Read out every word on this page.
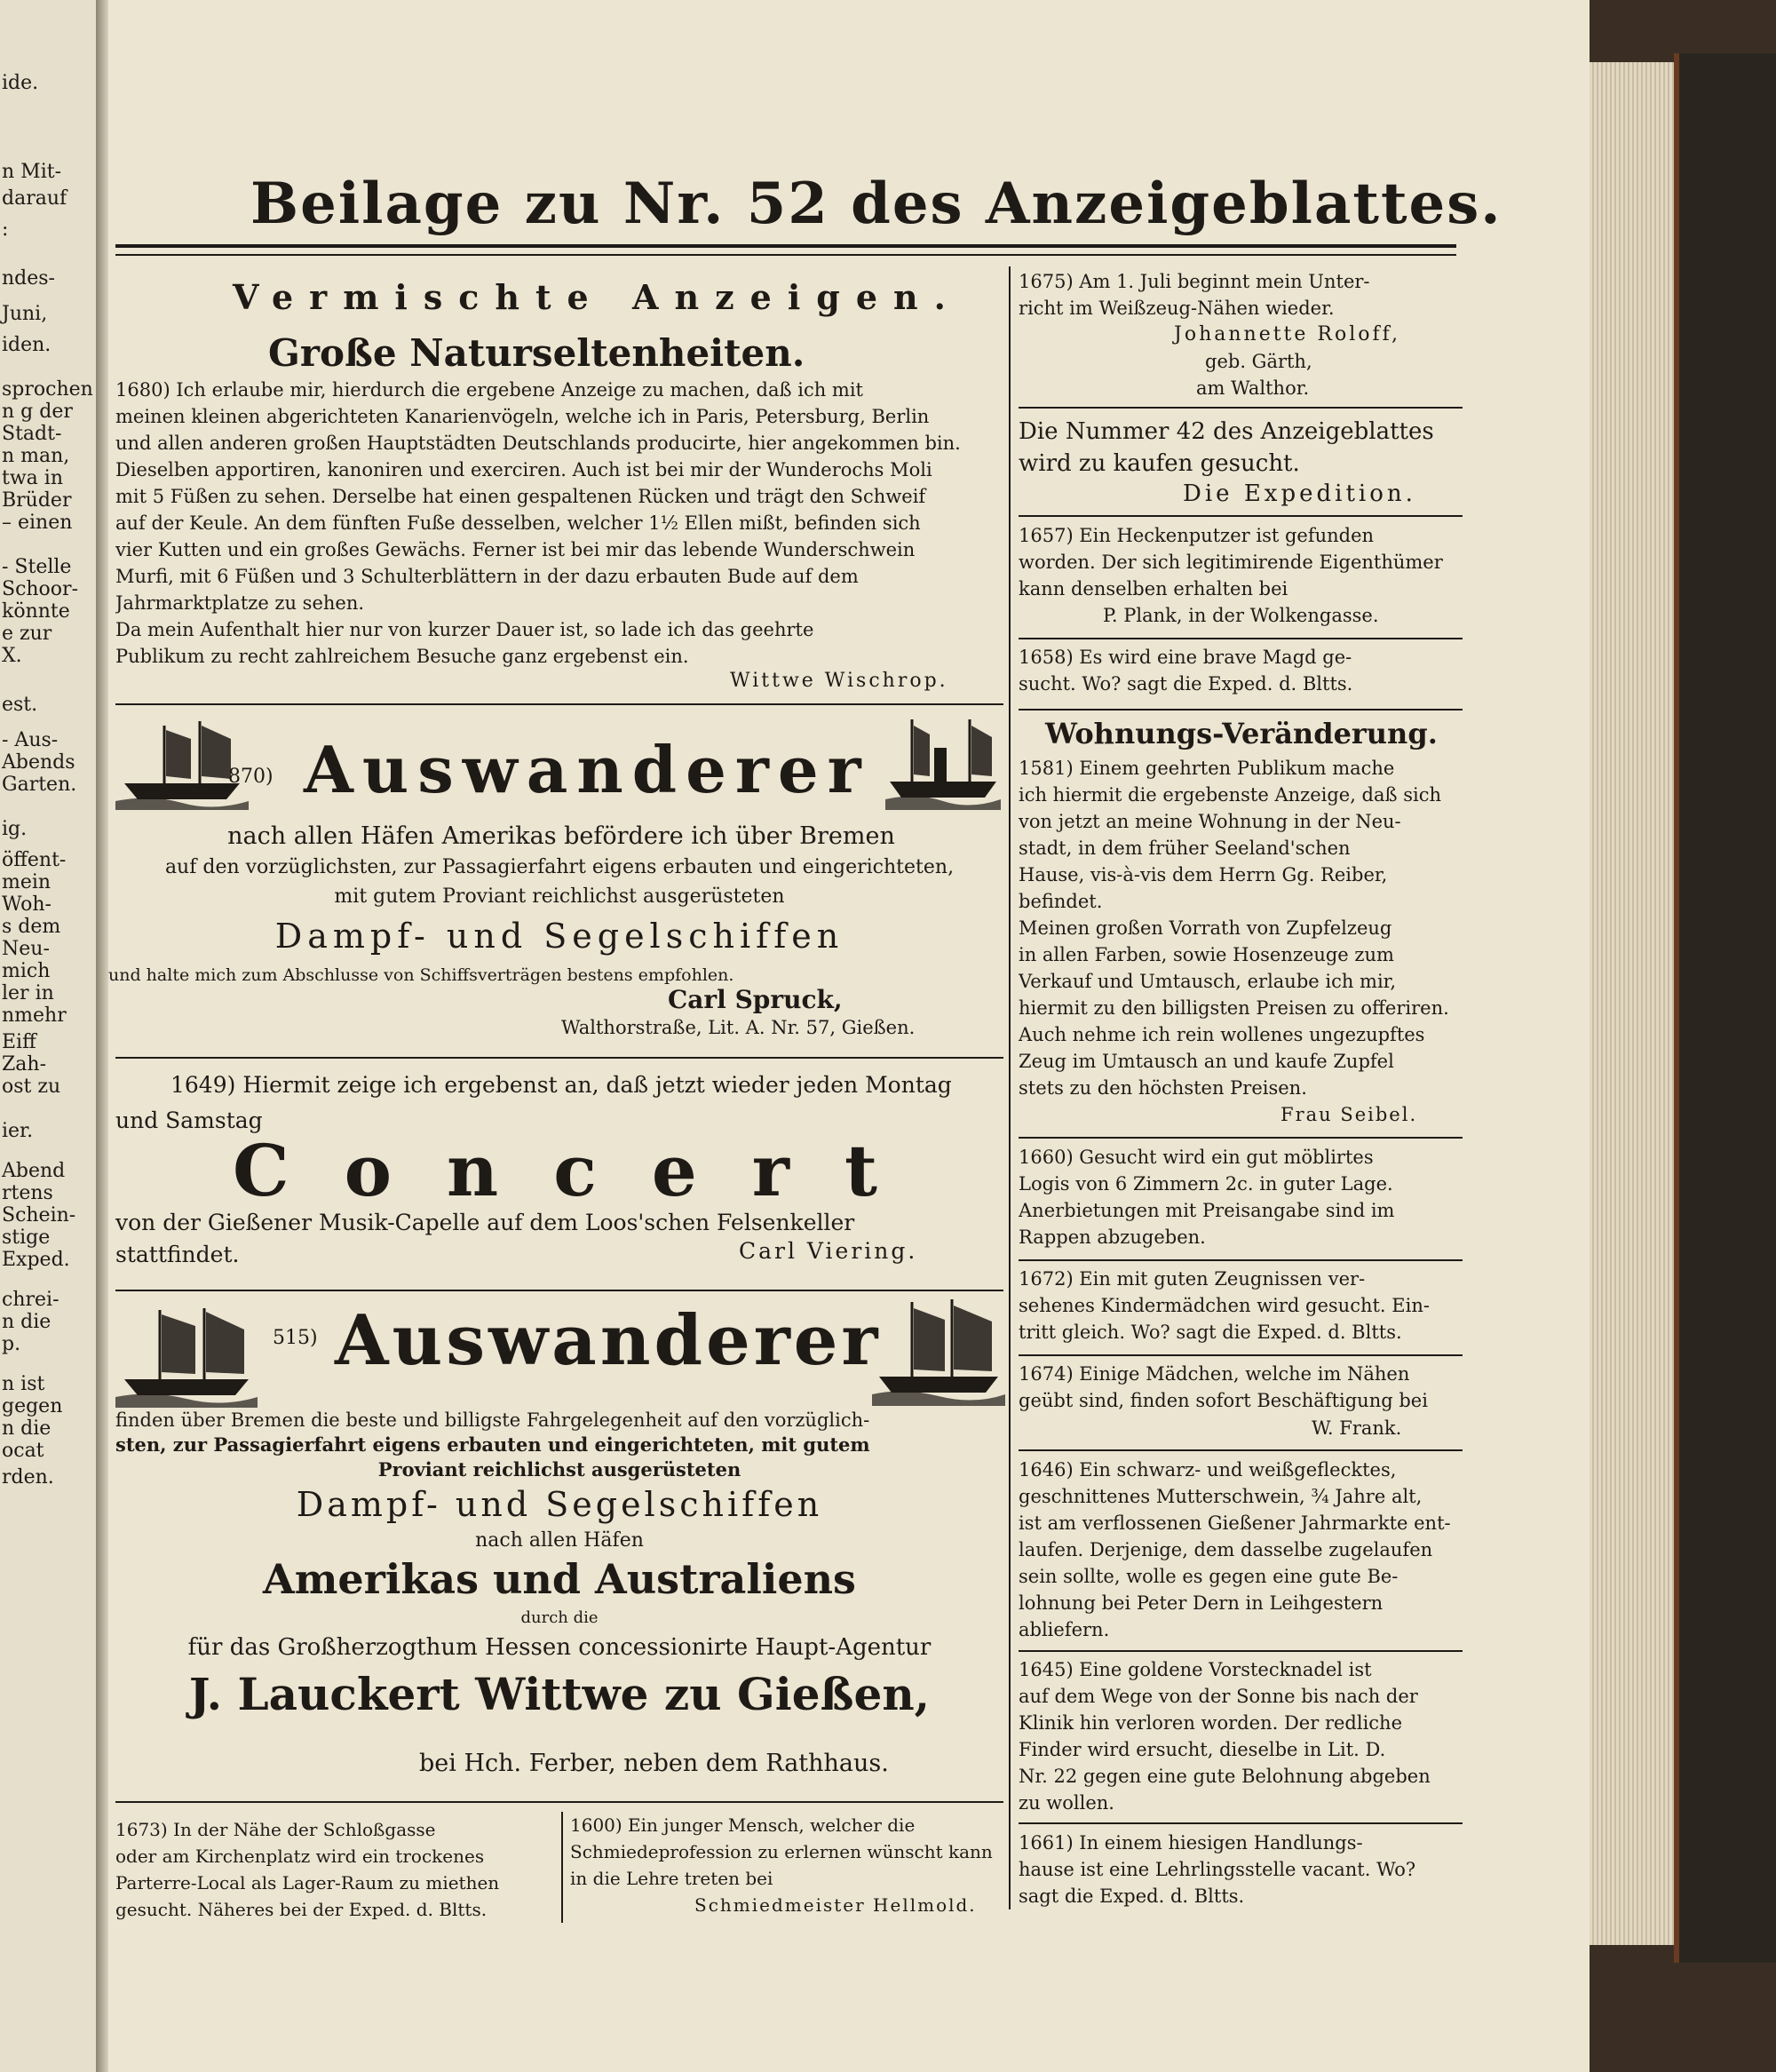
ide.
n Mit-
darauf
:
ndes-
Juni,
iden.
sprochen
n g der
Stadt-
n man,
twa in
Brüder
– einen
- Stelle
Schoor-
könnte
e zur
X.
est.
- Aus-
Abends
Garten.
ig.
öffent-
mein
Woh-
s dem
Neu-
mich
ler in
nmehr
Eiff
Zah-
ost zu
ier.
Abend
rtens
Schein-
stige
Exped.
chrei-
n die
p.
n ist
gegen
n die
ocat
rden.
Beilage zu Nr. 52 des Anzeigeblattes.
Vermischte Anzeigen.
Große Naturseltenheiten.
1680) Ich erlaube mir, hierdurch die ergebene Anzeige zu machen, daß ich mit
meinen kleinen abgerichteten Kanarienvögeln, welche ich in Paris, Petersburg, Berlin
und allen anderen großen Hauptstädten Deutschlands producirte, hier angekommen bin.
Dieselben apportiren, kanoniren und exerciren. Auch ist bei mir der Wunderochs Moli
mit 5 Füßen zu sehen. Derselbe hat einen gespaltenen Rücken und trägt den Schweif
auf der Keule. An dem fünften Fuße desselben, welcher 1½ Ellen mißt, befinden sich
vier Kutten und ein großes Gewächs. Ferner ist bei mir das lebende Wunderschwein
Murfi, mit 6 Füßen und 3 Schulterblättern in der dazu erbauten Bude auf dem
Jahrmarktplatze zu sehen.
Da mein Aufenthalt hier nur von kurzer Dauer ist, so lade ich das geehrte
Publikum zu recht zahlreichem Besuche ganz ergebenst ein.
Wittwe Wischrop.
870) Auswanderer
nach allen Häfen Amerikas befördere ich über Bremen
auf den vorzüglichsten, zur Passagierfahrt eigens erbauten und eingerichteten,
mit gutem Proviant reichlichst ausgerüsteten
Dampf- und Segelschiffen
und halte mich zum Abschlusse von Schiffsverträgen bestens empfohlen.
Carl Spruck,
Walthorstraße, Lit. A. Nr. 57, Gießen.
1649) Hiermit zeige ich ergebenst an, daß jetzt wieder jeden Montag
und Samstag
Concert
von der Gießener Musik-Capelle auf dem Loos'schen Felsenkeller
stattfindet.	Carl Viering.
515) Auswanderer
finden über Bremen die beste und billigste Fahrgelegenheit auf den vorzüglich-
sten, zur Passagierfahrt eigens erbauten und eingerichteten, mit gutem
Proviant reichlichst ausgerüsteten
Dampf- und Segelschiffen
nach allen Häfen
Amerikas und Australiens
durch die
für das Großherzogthum Hessen concessionirte Haupt-Agentur
J. Lauckert Wittwe zu Gießen,
bei Hch. Ferber, neben dem Rathhaus.
1673) In der Nähe der Schloßgasse
oder am Kirchenplatz wird ein trockenes
Parterre-Local als Lager-Raum zu miethen
gesucht. Näheres bei der Exped. d. Bltts.
1600) Ein junger Mensch, welcher die
Schmiedeprofession zu erlernen wünscht kann
in die Lehre treten bei
Schmiedmeister Hellmold.
1675) Am 1. Juli beginnt mein Unter-
richt im Weißzeug-Nähen wieder.
Johannette Roloff,
geb. Gärth,
am Walthor.
Die Nummer 42 des Anzeigeblattes
wird zu kaufen gesucht.
Die Expedition.
1657) Ein Heckenputzer ist gefunden
worden. Der sich legitimirende Eigenthümer
kann denselben erhalten bei
P. Plank, in der Wolkengasse.
1658) Es wird eine brave Magd ge-
sucht. Wo? sagt die Exped. d. Bltts.
Wohnungs-Veränderung.
1581) Einem geehrten Publikum mache
ich hiermit die ergebenste Anzeige, daß sich
von jetzt an meine Wohnung in der Neu-
stadt, in dem früher Seeland'schen
Hause, vis-à-vis dem Herrn Gg. Reiber,
befindet.
Meinen großen Vorrath von Zupfelzeug
in allen Farben, sowie Hosenzeuge zum
Verkauf und Umtausch, erlaube ich mir,
hiermit zu den billigsten Preisen zu offeriren.
Auch nehme ich rein wollenes ungezupftes
Zeug im Umtausch an und kaufe Zupfel
stets zu den höchsten Preisen.
Frau Seibel.
1660) Gesucht wird ein gut möblirtes
Logis von 6 Zimmern 2c. in guter Lage.
Anerbietungen mit Preisangabe sind im
Rappen abzugeben.
1672) Ein mit guten Zeugnissen ver-
sehenes Kindermädchen wird gesucht. Ein-
tritt gleich. Wo? sagt die Exped. d. Bltts.
1674) Einige Mädchen, welche im Nähen
geübt sind, finden sofort Beschäftigung bei
W. Frank.
1646) Ein schwarz- und weißgeflecktes,
geschnittenes Mutterschwein, ¾ Jahre alt,
ist am verflossenen Gießener Jahrmarkte ent-
laufen. Derjenige, dem dasselbe zugelaufen
sein sollte, wolle es gegen eine gute Be-
lohnung bei Peter Dern in Leihgestern
abliefern.
1645) Eine goldene Vorstecknadel ist
auf dem Wege von der Sonne bis nach der
Klinik hin verloren worden. Der redliche
Finder wird ersucht, dieselbe in Lit. D.
Nr. 22 gegen eine gute Belohnung abgeben
zu wollen.
1661) In einem hiesigen Handlungs-
hause ist eine Lehrlingsstelle vacant. Wo?
sagt die Exped. d. Bltts.
